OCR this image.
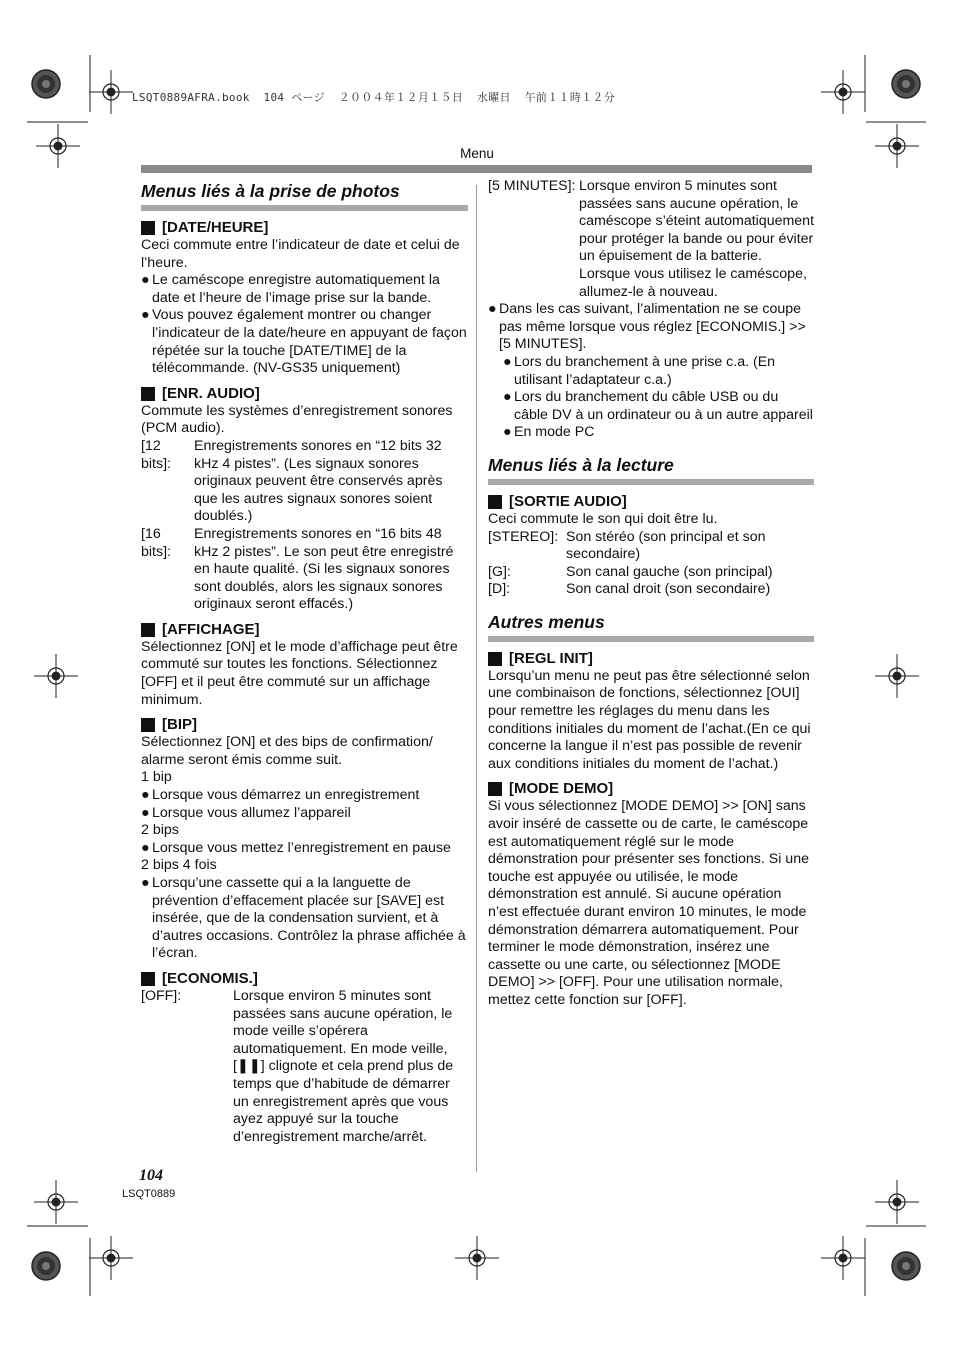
LSQT0889AFRA.book  104 ページ  ２００４年１２月１５日  水曜日  午前１１時１２分
Menu
Menus liés à la prise de photos
[DATE/HEURE]

Ceci commute entre l’indicateur de date et celui de l’heure.

● Le caméscope enregistre automatiquement la date et l’heure de l’image prise sur la bande.
● Vous pouvez également montrer ou changer l’indicateur de la date/heure en appuyant de façon répétée sur la touche [DATE/TIME] de la télécommande. (NV-GS35 uniquement)
[ENR. AUDIO]

Commute les systèmes d’enregistrement sonores (PCM audio).

[12 bits]:
Enregistrements sonores en “12 bits 32 kHz 4 pistes”. (Les signaux sonores originaux peuvent être conservés après que les autres signaux sonores soient doublés.)
[16 bits]:
Enregistrements sonores en “16 bits 48 kHz 2 pistes”. Le son peut être enregistré en haute qualité. (Si les signaux sonores sont doublés, alors les signaux sonores originaux seront effacés.)
[AFFICHAGE]

Sélectionnez [ON] et le mode d’affichage peut être commuté sur toutes les fonctions. Sélectionnez [OFF] et il peut être commuté sur un affichage minimum.

[BIP]

Sélectionnez [ON] et des bips de confirmation/ alarme seront émis comme suit.

1 bip

● Lorsque vous démarrez un enregistrement
● Lorsque vous allumez l’appareil

2 bips

● Lorsque vous mettez l’enregistrement en pause

2 bips 4 fois

● Lorsqu’une cassette qui a la languette de prévention d’effacement placée sur [SAVE] est insérée, que de la condensation survient, et à d’autres occasions. Contrôlez la phrase affichée à l’écran.
[ECONOMIS.]
[OFF]:	Lorsque environ 5 minutes sont passées sans aucune opération, le mode veille s’opérera automatiquement. En mode veille, [❚❚] clignote et cela prend plus de temps que d’habitude de démarrer un enregistrement après que vous ayez appuyé sur la touche d’enregistrement marche/arrêt.
[5 MINUTES]: Lorsque environ 5 minutes sont passées sans aucune opération, le caméscope s’éteint automatiquement pour protéger la bande ou pour éviter un épuisement de la batterie. Lorsque vous utilisez le caméscope, allumez-le à nouveau.
● Dans les cas suivant, l’alimentation ne se coupe pas même lorsque vous réglez [ECONOMIS.] >> [5 MINUTES].
● Lors du branchement à une prise c.a. (En utilisant l’adaptateur c.a.)
● Lors du branchement du câble USB ou du câble DV à un ordinateur ou à un autre appareil
● En mode PC
Menus liés à la lecture
[SORTIE AUDIO]

Ceci commute le son qui doit être lu.

[STEREO]: Son stéréo (son principal et son secondaire)
[G]:	Son canal gauche (son principal)
[D]:	Son canal droit (son secondaire)
Autres menus
[REGL INIT]

Lorsqu’un menu ne peut pas être sélectionné selon une combinaison de fonctions, sélectionnez [OUI] pour remettre les réglages du menu dans les conditions initiales du moment de l’achat.(En ce qui concerne la langue il n’est pas possible de revenir aux conditions initiales du moment de l’achat.)

[MODE DEMO]

Si vous sélectionnez [MODE DEMO] >> [ON] sans avoir inséré de cassette ou de carte, le caméscope est automatiquement réglé sur le mode démonstration pour présenter ses fonctions. Si une touche est appuyée ou utilisée, le mode démonstration est annulé. Si aucune opération n’est effectuée durant environ 10 minutes, le mode démonstration démarrera automatiquement. Pour terminer le mode démonstration, insérez une cassette ou une carte, ou sélectionnez [MODE DEMO] >> [OFF]. Pour une utilisation normale, mettez cette fonction sur [OFF].

104
LSQT0889
